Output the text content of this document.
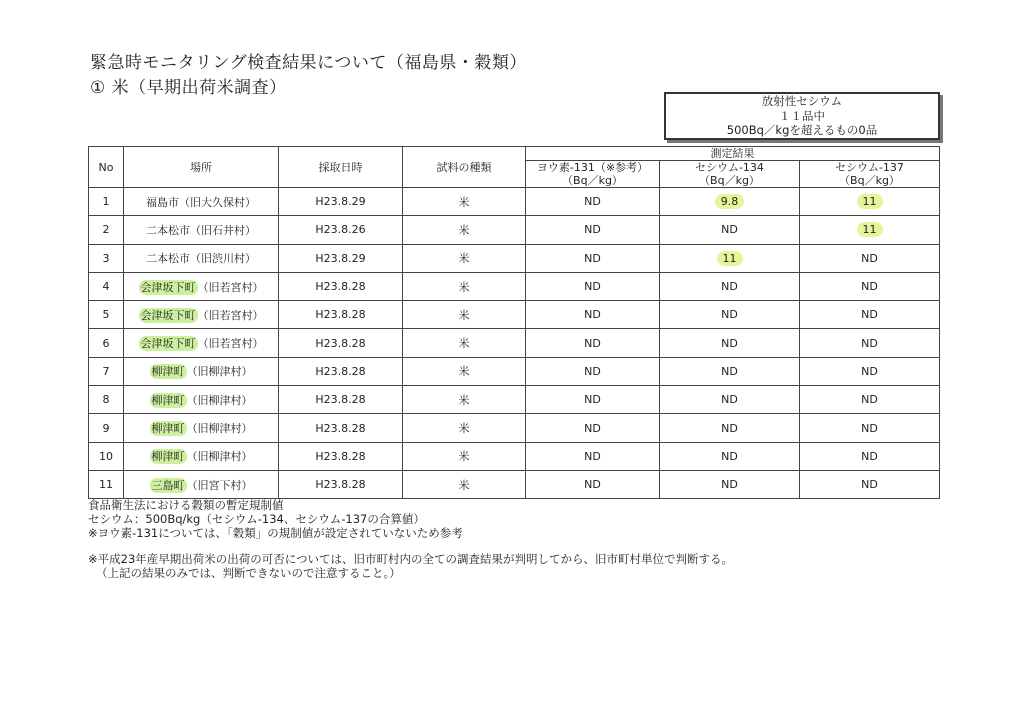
緊急時モニタリング検査結果について（福島県・穀類）
① 米（早期出荷米調査）
放射性セシウム
１１品中
500Bq／kgを超えるもの0品
No	場所	採取日時	試料の種類	測定結果		
				ヨウ素-131（※参考）	セシウム-134	セシウム-137
				（Bq／kg）	（Bq／kg）	（Bq／kg）
1	福島市（旧大久保村）	H23.8.29	米	ND	9.8	11
2	二本松市（旧石井村）	H23.8.26	米	ND	ND	11
3	二本松市（旧渋川村）	H23.8.29	米	ND	11	ND
4	会津坂下町 （旧若宮村）	H23.8.28	米	ND	ND	ND
5	会津坂下町 （旧若宮村）	H23.8.28	米	ND	ND	ND
6	会津坂下町 （旧若宮村）	H23.8.28	米	ND	ND	ND
7	柳津町 （旧柳津村）	H23.8.28	米	ND	ND	ND
8	柳津町 （旧柳津村）	H23.8.28	米	ND	ND	ND
9	柳津町 （旧柳津村）	H23.8.28	米	ND	ND	ND
10	柳津町 （旧柳津村）	H23.8.28	米	ND	ND	ND
11	三島町 （旧宮下村）	H23.8.28	米	ND	ND	ND
食品衛生法における穀類の暫定規制値
セシウム：500Bq/kg（セシウム-134、セシウム-137の合算値）
※ヨウ素-131については、「穀類」の規制値が設定されていないため参考
※平成23年産早期出荷米の出荷の可否については、旧市町村内の全ての調査結果が判明してから、旧市町村単位で判断する。
（上記の結果のみでは、判断できないので注意すること。）
